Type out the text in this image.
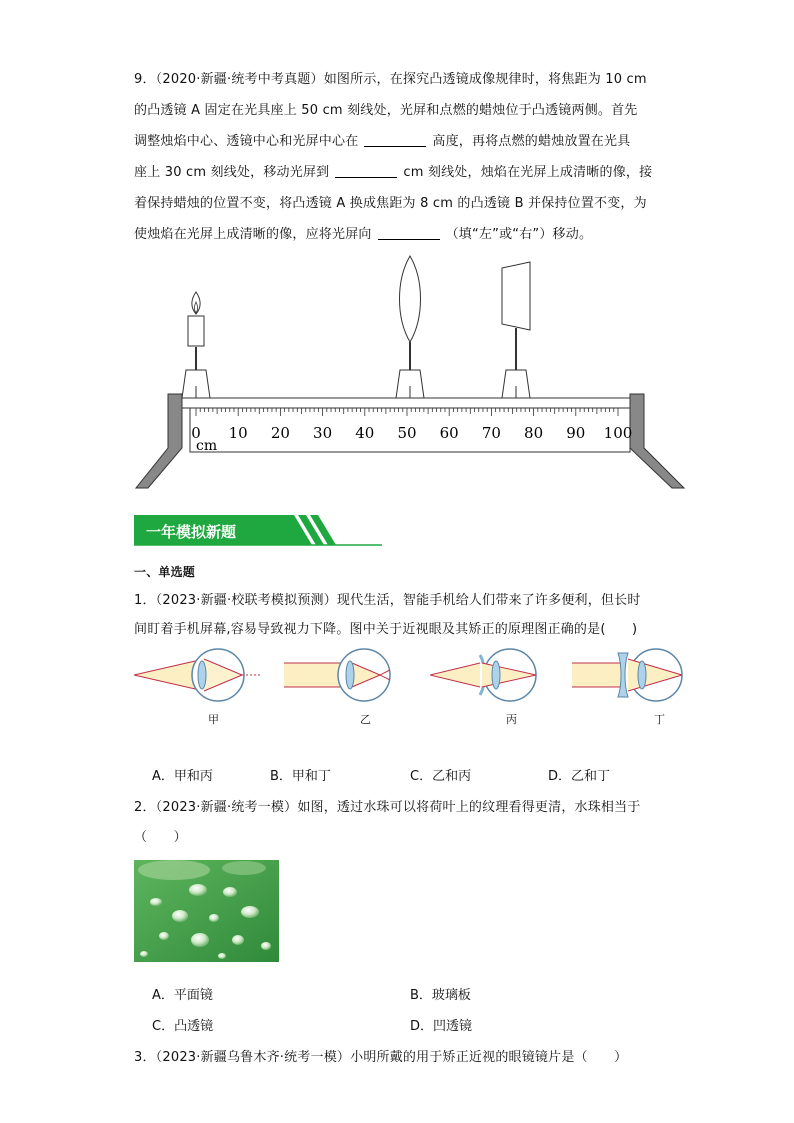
9．（2020·新疆·统考中考真题）如图所示，在探究凸透镜成像规律时，将焦距为 10 cm
的凸透镜 A 固定在光具座上 50 cm 刻线处，光屏和点燃的蜡烛位于凸透镜两侧。首先
调整烛焰中心、透镜中心和光屏中心在	高度，再将点燃的蜡烛放置在光具
座上 30 cm 刻线处，移动光屏到	cm 刻线处，烛焰在光屏上成清晰的像，接
着保持蜡烛的位置不变，将凸透镜 A 换成焦距为 8 cm 的凸透镜 B 并保持位置不变，为
使烛焰在光屏上成清晰的像，应将光屏向	（填“左”或“右”）移动。
0 10 20 30 40 50 60 70 80 90 100
cm
一年模拟新题
一、单选题
1．（2023·新疆·校联考模拟预测）现代生活，智能手机给人们带来了许多便利，但长时
间盯着手机屏幕,容易导致视力下降。图中关于近视眼及其矫正的原理图正确的是(　　)
甲	乙	丙	丁
A．甲和丙	B．甲和丁	C．乙和丙	D．乙和丁
2．（2023·新疆·统考一模）如图，透过水珠可以将荷叶上的纹理看得更清，水珠相当于
（　　）
A．平面镜	B．玻璃板
C．凸透镜	D．凹透镜
3．（2023·新疆乌鲁木齐·统考一模）小明所戴的用于矫正近视的眼镜镜片是（　　）
